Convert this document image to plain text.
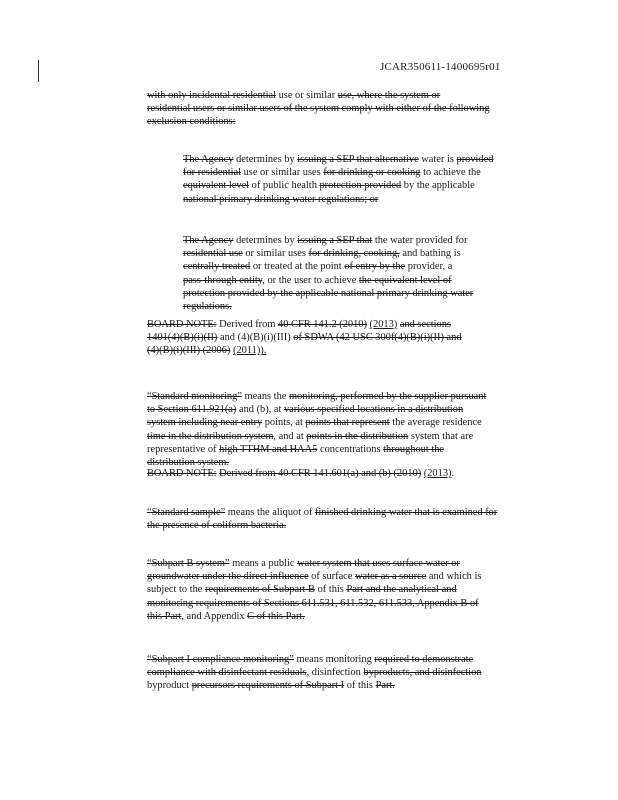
JCAR350611-1400695r01
with only incidental residential use or similar use, where the system or
residential users or similar users of the system comply with either of the following
exclusion conditions:
The Agency determines by issuing a SEP that alternative water is provided
for residential use or similar uses for drinking or cooking to achieve the
equivalent level of public health protection provided by the applicable
national primary drinking water regulations; or
The Agency determines by issuing a SEP that the water provided for
residential use or similar uses for drinking, cooking, and bathing is
centrally treated or treated at the point of entry by the provider, a
pass-through entity, or the user to achieve the equivalent level of
protection provided by the applicable national primary drinking water
regulations.
BOARD NOTE: Derived from 40 CFR 141.2 (2010) (2013) and sections
1401(4)(B)(i)(II) and (4)(B)(i)(III) of SDWA (42 USC 300f(4)(B)(i)(II) and
(4)(B)(i)(III) (2006) (2011)).
“Standard monitoring” means the monitoring, performed by the supplier pursuant
to Section 611.921(a) and (b), at various specified locations in a distribution
system including near entry points, at points that represent the average residence
time in the distribution system, and at points in the distribution system that are
representative of high TTHM and HAA5 concentrations throughout the
distribution system.
BOARD NOTE: Derived from 40 CFR 141.601(a) and (b) (2010) (2013).
“Standard sample” means the aliquot of finished drinking water that is examined for
the presence of coliform bacteria.
“Subpart B system” means a public water system that uses surface water or
groundwater under the direct influence of surface water as a source and which is
subject to the requirements of Subpart B of this Part and the analytical and
monitoring requirements of Sections 611.531, 611.532, 611.533, Appendix B of
this Part, and Appendix C of this Part.
“Subpart I compliance monitoring” means monitoring required to demonstrate
compliance with disinfectant residuals, disinfection byproducts, and disinfection
byproduct precursors requirements of Subpart I of this Part.
